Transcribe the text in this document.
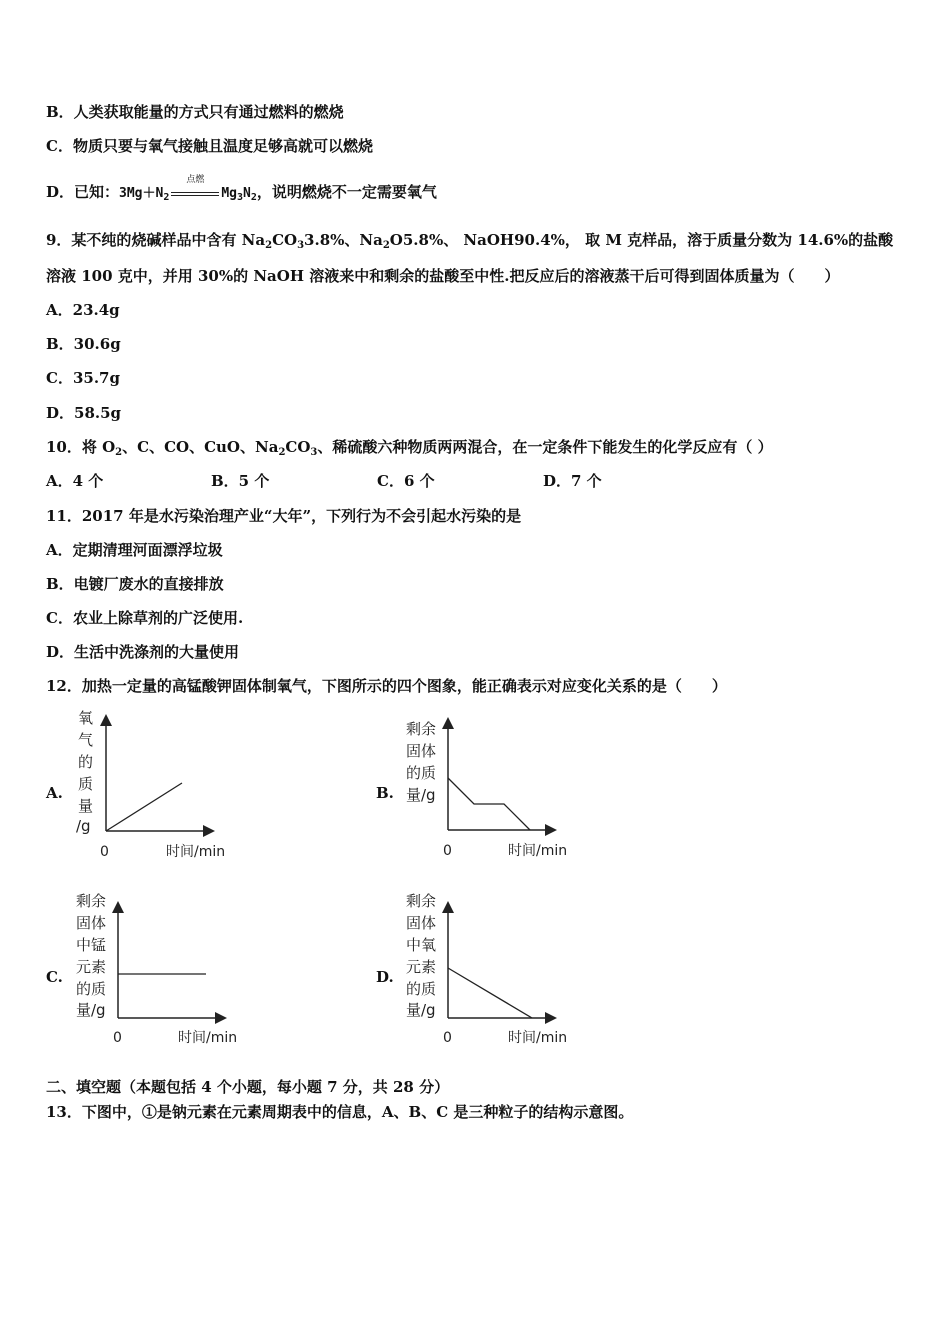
B．人类获取能量的方式只有通过燃料的燃烧
C．物质只要与氧气接触且温度足够高就可以燃烧
D．已知：$3Mg+N_2$
点燃
$Mg_3N_2$，说明燃烧不一定需要氧气
9．某不纯的烧碱样品中含有 $Na_2CO_33.8\%$、$Na_2O5.8\%$、 NaOH90.4%， 取 M 克样品，溶于质量分数为 14.6%的盐酸
溶液 100 克中，并用 30%的 NaOH 溶液来中和剩余的盐酸至中性.把反应后的溶液蒸干后可得到固体质量为（　　）
A．23.4g
B．30.6g
C．35.7g
D．58.5g
10．将 $O_2$、C、CO、CuO、$Na_2CO_3$、稀硫酸六种物质两两混合，在一定条件下能发生的化学反应有（ ）
A．4 个	B．5 个	C．6 个	D．7 个
11．2017 年是水污染治理产业“大年”，下列行为不会引起水污染的是
A．定期清理河面漂浮垃圾
B．电镀厂废水的直接排放
C．农业上除草剂的广泛使用.
D．生活中洗涤剂的大量使用
12．加热一定量的高锰酸钾固体制氧气，下图所示的四个图象，能正确表示对应变化关系的是（　　）
A.
氧
气
的
质
量
/g
0	时间/min
B.
剩余
固体
的质
量/g
0	时间/min
C.
剩余
固体
中锰
元素
的质
量/g
0	时间/min
D.
剩余
固体
中氧
元素
的质
量/g
0	时间/min
二、填空题（本题包括 4 个小题，每小题 7 分，共 28 分）
13．下图中，①是钠元素在元素周期表中的信息，A、B、C 是三种粒子的结构示意图。
